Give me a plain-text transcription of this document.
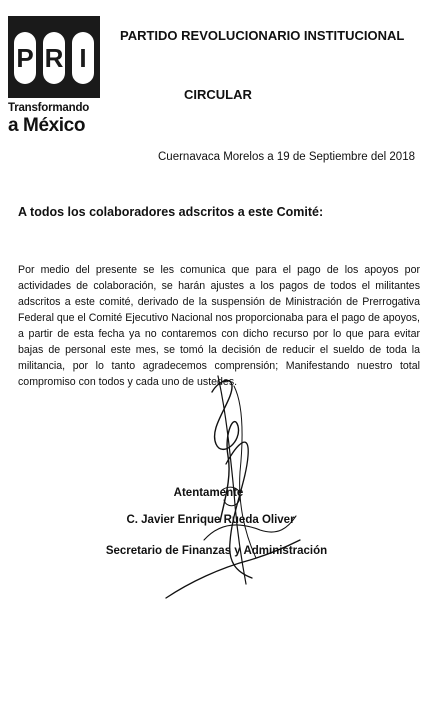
P R I
Transformando
a México
PARTIDO REVOLUCIONARIO INSTITUCIONAL
CIRCULAR
Cuernavaca Morelos a 19 de Septiembre del 2018
A todos los colaboradores adscritos a este Comité:
Por medio del presente se les comunica que para el pago de los apoyos por actividades de colaboración, se harán ajustes a los pagos de todos el militantes adscritos a este comité, derivado de la suspensión de Ministración de Prerrogativa Federal que el Comité Ejecutivo Nacional nos proporcionaba para el pago de apoyos, a partir de esta fecha ya no contaremos con dicho recurso por lo que para evitar bajas de personal este mes, se tomó la decisión de reducir el sueldo de toda la militancia, por lo tanto agradecemos comprensión; Manifestando nuestro total compromiso con todos y cada uno de ustedes.
Atentamente
C. Javier Enrique Rueda Oliver
Secretario de Finanzas y Administración
